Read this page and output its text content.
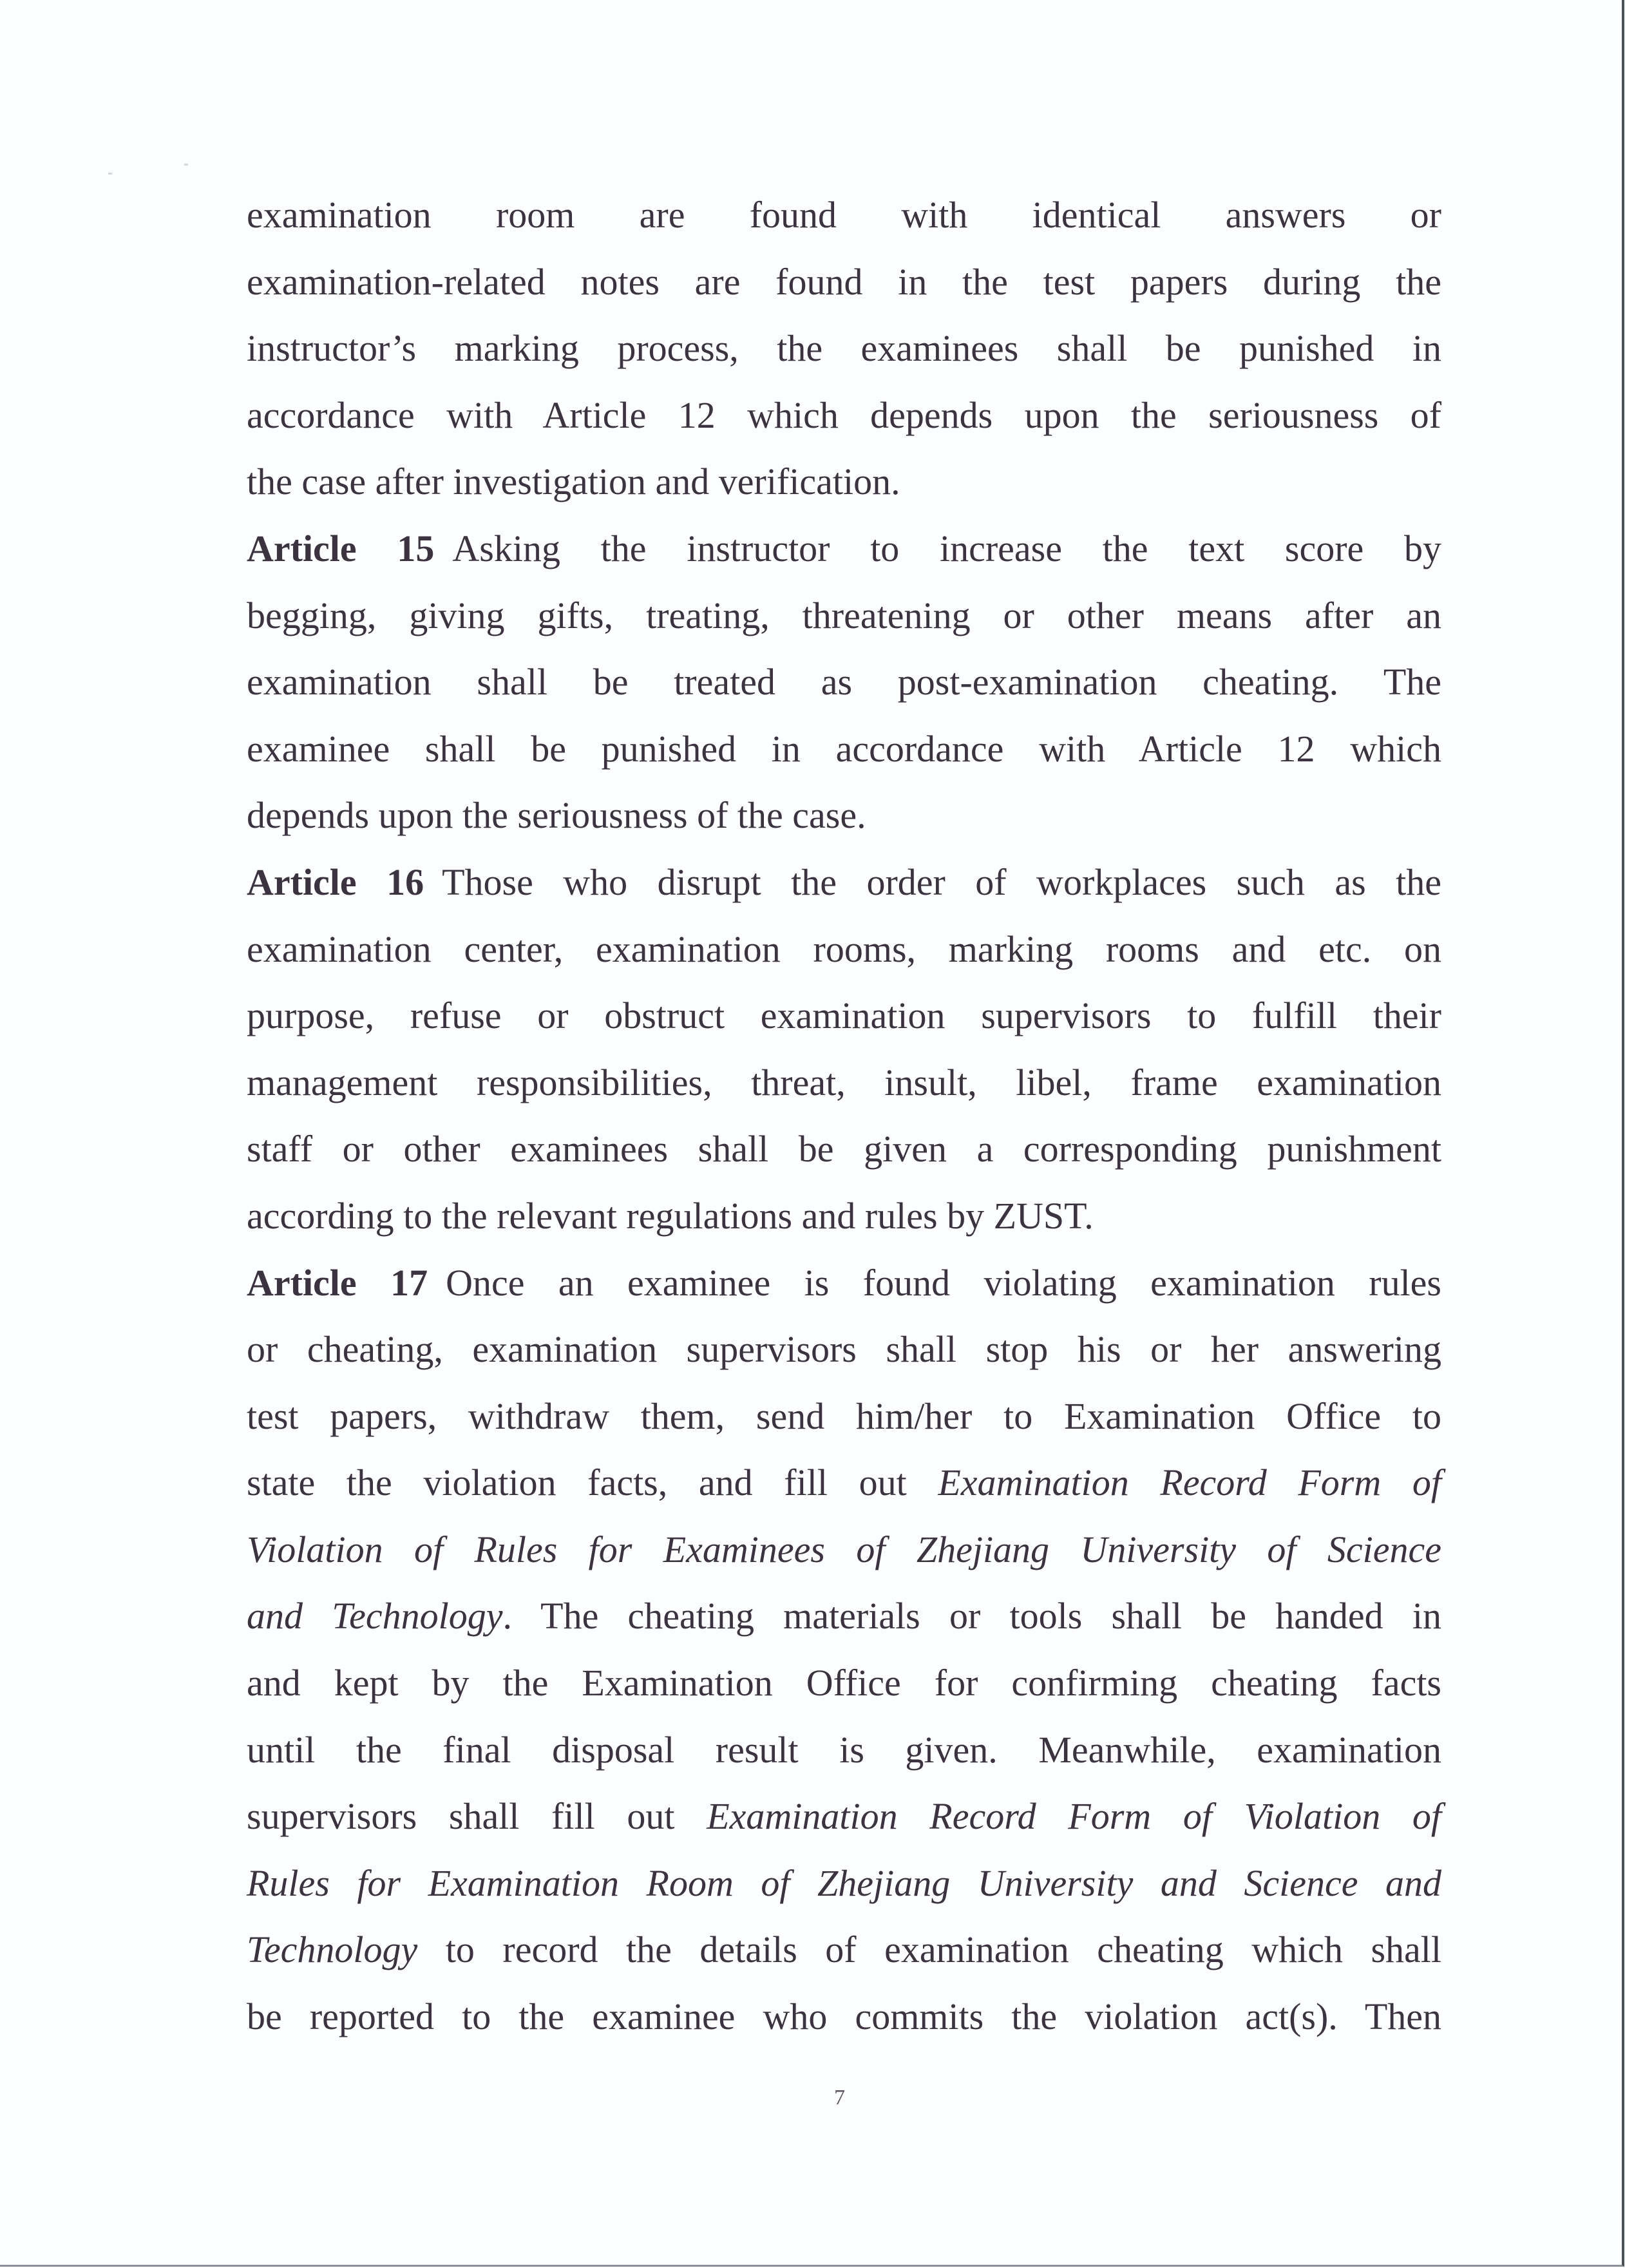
examination room are found with identical answers or
examination-related notes are found in the test papers during the
instructor’s marking process, the examinees shall be punished in
accordance with Article 12 which depends upon the seriousness of
the case after investigation and verification.
Article 15 Asking the instructor to increase the text score by
begging, giving gifts, treating, threatening or other means after an
examination shall be treated as post-examination cheating. The
examinee shall be punished in accordance with Article 12 which
depends upon the seriousness of the case.
Article 16 Those who disrupt the order of workplaces such as the
examination center, examination rooms, marking rooms and etc. on
purpose, refuse or obstruct examination supervisors to fulfill their
management responsibilities, threat, insult, libel, frame examination
staff or other examinees shall be given a corresponding punishment
according to the relevant regulations and rules by ZUST.
Article 17 Once an examinee is found violating examination rules
or cheating, examination supervisors shall stop his or her answering
test papers, withdraw them, send him/her to Examination Office to
state the violation facts, and fill out Examination Record Form of
Violation of Rules for Examinees of Zhejiang University of Science
and Technology. The cheating materials or tools shall be handed in
and kept by the Examination Office for confirming cheating facts
until the final disposal result is given. Meanwhile, examination
supervisors shall fill out Examination Record Form of Violation of
Rules for Examination Room of Zhejiang University and Science and
Technology to record the details of examination cheating which shall
be reported to the examinee who commits the violation act(s). Then
7
